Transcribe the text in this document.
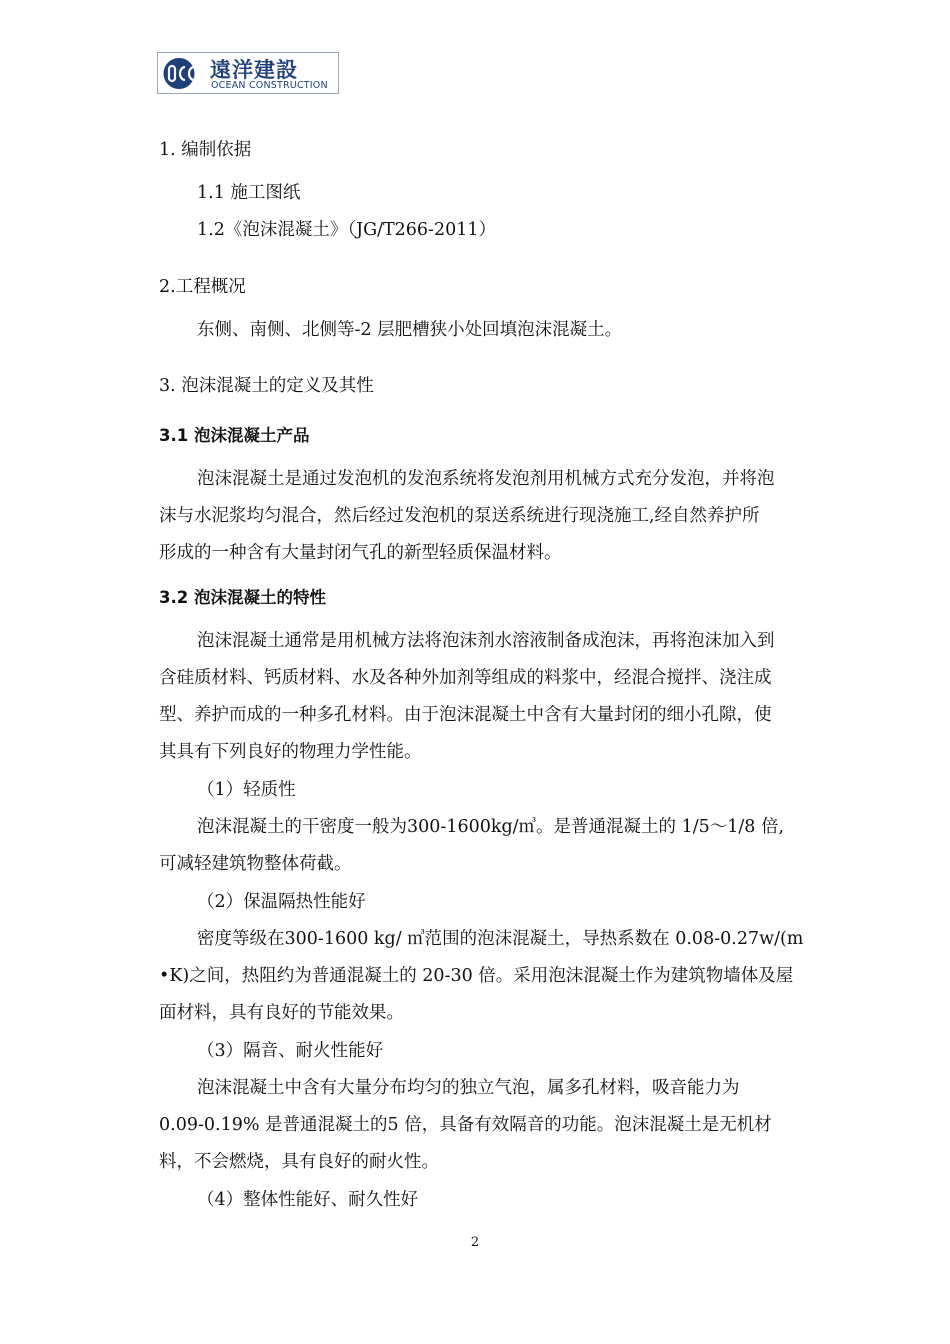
遠洋建設
OCEAN CONSTRUCTION
1. 编制依据
1.1 施工图纸
1.2《泡沫混凝土》（JG/T266-2011）
2.工程概况
东侧、南侧、北侧等-2 层肥槽狭小处回填泡沫混凝土。
3. 泡沫混凝土的定义及其性
3.1 泡沫混凝土产品
泡沫混凝土是通过发泡机的发泡系统将发泡剂用机械方式充分发泡，并将泡
沫与水泥浆均匀混合，然后经过发泡机的泵送系统进行现浇施工,经自然养护所
形成的一种含有大量封闭气孔的新型轻质保温材料。
3.2 泡沫混凝土的特性
泡沫混凝土通常是用机械方法将泡沫剂水溶液制备成泡沫，再将泡沫加入到
含硅质材料、钙质材料、水及各种外加剂等组成的料浆中，经混合搅拌、浇注成
型、养护而成的一种多孔材料。由于泡沫混凝土中含有大量封闭的细小孔隙，使
其具有下列良好的物理力学性能。
（1）轻质性
泡沫混凝土的干密度一般为300-1600kg/㎥。是普通混凝土的 1/5～1/8 倍,
可减轻建筑物整体荷截。
（2）保温隔热性能好
密度等级在300-1600 kg/ ㎥范围的泡沫混凝土，导热系数在 0.08-0.27w/(m
•K)之间，热阻约为普通混凝土的 20-30 倍。采用泡沫混凝土作为建筑物墙体及屋
面材料，具有良好的节能效果。
（3）隔音、耐火性能好
泡沫混凝土中含有大量分布均匀的独立气泡，属多孔材料，吸音能力为
0.09-0.19% 是普通混凝土的5 倍，具备有效隔音的功能。泡沫混凝土是无机材
料，不会燃烧，具有良好的耐火性。
（4）整体性能好、耐久性好
2
